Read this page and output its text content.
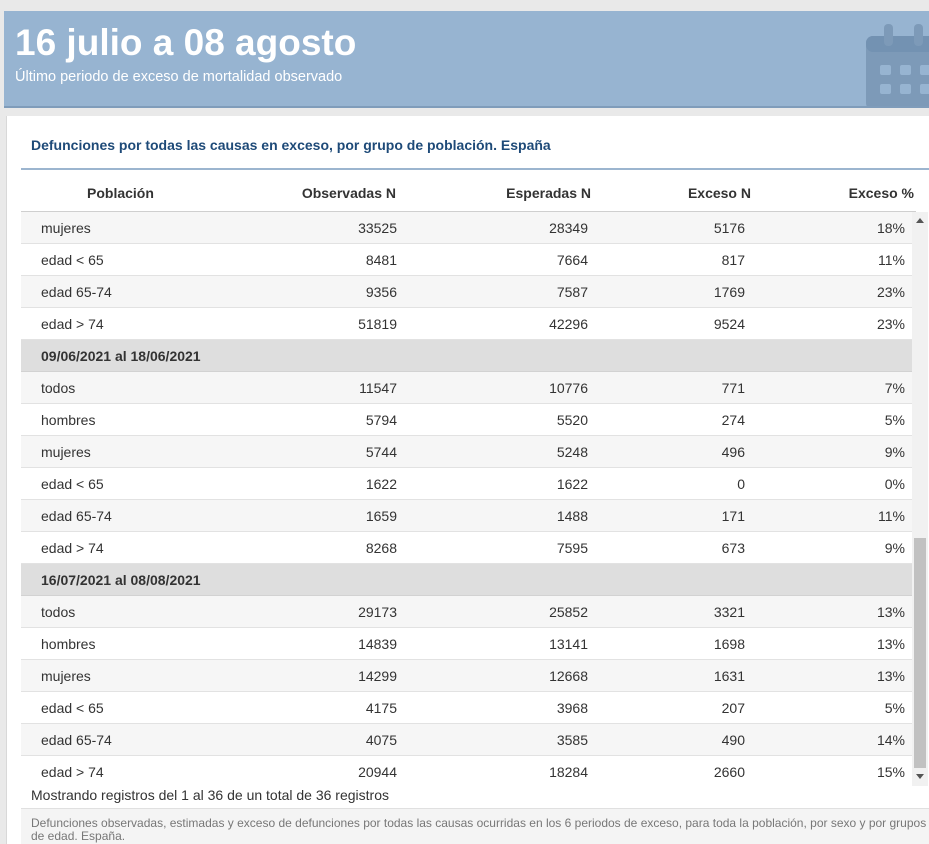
16 julio a 08 agosto
Último periodo de exceso de mortalidad observado
Defunciones por todas las causas en exceso, por grupo de población. España
Población	Observadas N	Esperadas N	Exceso N	Exceso %
mujeres	33525	28349	5176	18%
edad < 65	8481	7664	817	11%
edad 65-74	9356	7587	1769	23%
edad > 74	51819	42296	9524	23%
09/06/2021 al 18/06/2021
todos	11547	10776	771	7%
hombres	5794	5520	274	5%
mujeres	5744	5248	496	9%
edad < 65	1622	1622	0	0%
edad 65-74	1659	1488	171	11%
edad > 74	8268	7595	673	9%
16/07/2021 al 08/08/2021
todos	29173	25852	3321	13%
hombres	14839	13141	1698	13%
mujeres	14299	12668	1631	13%
edad < 65	4175	3968	207	5%
edad 65-74	4075	3585	490	14%
edad > 74	20944	18284	2660	15%
Mostrando registros del 1 al 36 de un total de 36 registros

Defunciones observadas, estimadas y exceso de defunciones por todas las causas ocurridas en los 6 periodos de exceso, para toda la población, por sexo y por grupos de edad. España.
